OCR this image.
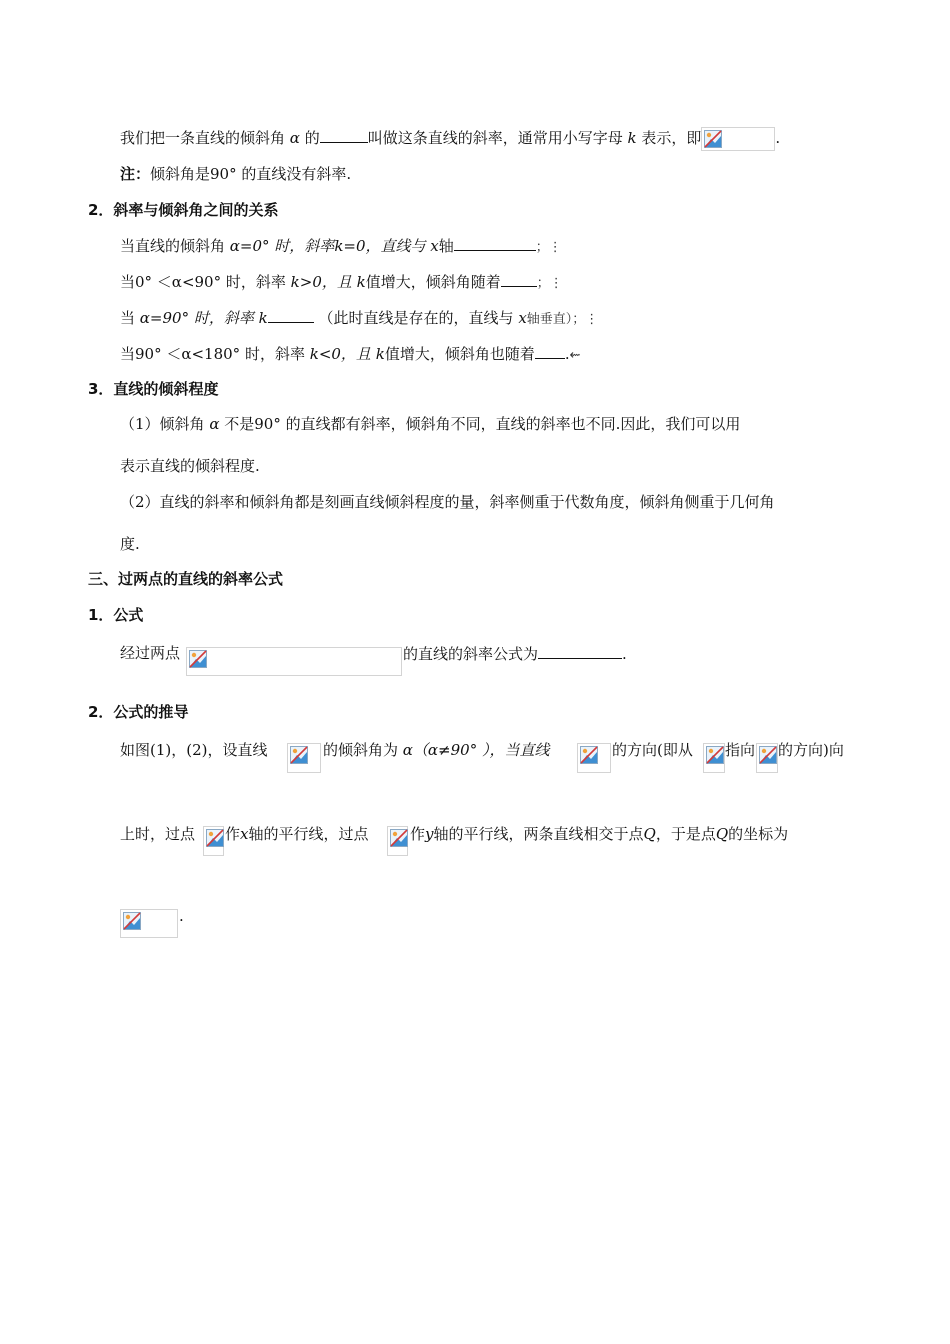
我们把一条直线的倾斜角 α 的	叫做这条直线的斜率，通常用小写字母 k 表示，即	.
注：倾斜角是90° 的直线没有斜率.
2．斜率与倾斜角之间的关系
当直线的倾斜角 α=0° 时，斜率k=0，直线与 x轴	；⋮
当0° ＜α<90° 时，斜率 k>0，且 k值增大，倾斜角随着	；⋮
当 α=90° 时，斜率 k	（此时直线是存在的，直线与 x轴垂直）；⋮
当90° ＜α<180° 时，斜率 k<0，且 k值增大，倾斜角也随着 .⇜
3．直线的倾斜程度
（1）倾斜角 α 不是90° 的直线都有斜率，倾斜角不同，直线的斜率也不同.因此，我们可以用
表示直线的倾斜程度.
（2）直线的斜率和倾斜角都是刻画直线倾斜程度的量，斜率侧重于代数角度，倾斜角侧重于几何角
度.
三、过两点的直线的斜率公式
1．公式
经过两点	的直线的斜率公式为	.
2．公式的推导
如图(1)，(2)，设直线	的倾斜角为 α（α≠90° ），当直线	的方向(即从 指向 的方向)向
上时，过点 作x轴的平行线，过点	作y轴的平行线，两条直线相交于点Q，于是点Q的坐标为
.
